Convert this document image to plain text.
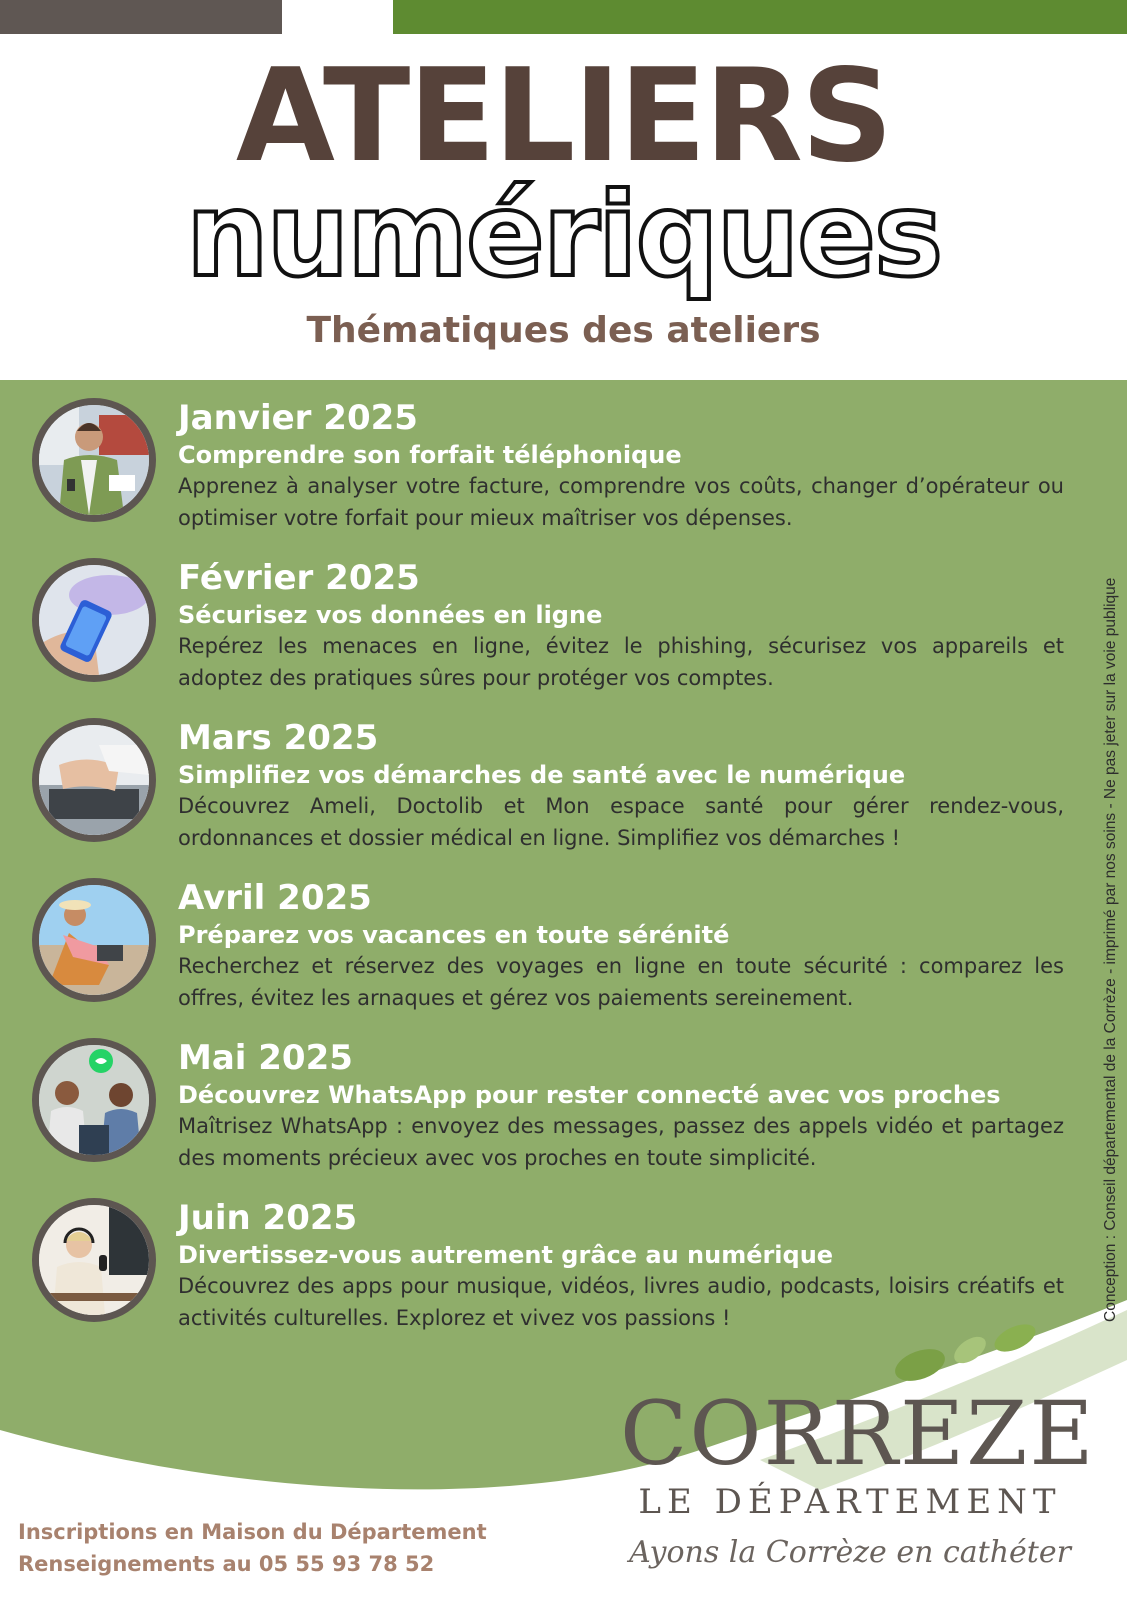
ATELIERS
numériques
Thématiques des ateliers
Conception : Conseil départemental de la Corrèze - imprimé par nos soins - Ne pas jeter sur la voie publique
Janvier 2025
Comprendre son forfait téléphonique
Apprenez à analyser votre facture, comprendre vos coûts, changer d’opérateur ou optimiser votre forfait pour mieux maîtriser vos dépenses.
Février 2025
Sécurisez vos données en ligne
Repérez les menaces en ligne, évitez le phishing, sécurisez vos appareils et adoptez des pratiques sûres pour protéger vos comptes.
Mars 2025
Simplifiez vos démarches de santé avec le numérique
Découvrez Ameli, Doctolib et Mon espace santé pour gérer rendez-vous, ordonnances et dossier médical en ligne. Simplifiez vos démarches !
Avril 2025
Préparez vos vacances en toute sérénité
Recherchez et réservez des voyages en ligne en toute sécurité : comparez les offres, évitez les arnaques et gérez vos paiements sereinement.
Mai 2025
Découvrez WhatsApp pour rester connecté avec vos proches
Maîtrisez WhatsApp : envoyez des messages, passez des appels vidéo et partagez des moments précieux avec vos proches en toute simplicité.
Juin 2025
Divertissez-vous autrement grâce au numérique
Découvrez des apps pour musique, vidéos, livres audio, podcasts, loisirs créatifs et activités culturelles. Explorez et vivez vos passions !
Inscriptions en Maison du Département
Renseignements au 05 55 93 78 52
CORREZE
LE DÉPARTEMENT
Ayons la Corrèze en cathéter
